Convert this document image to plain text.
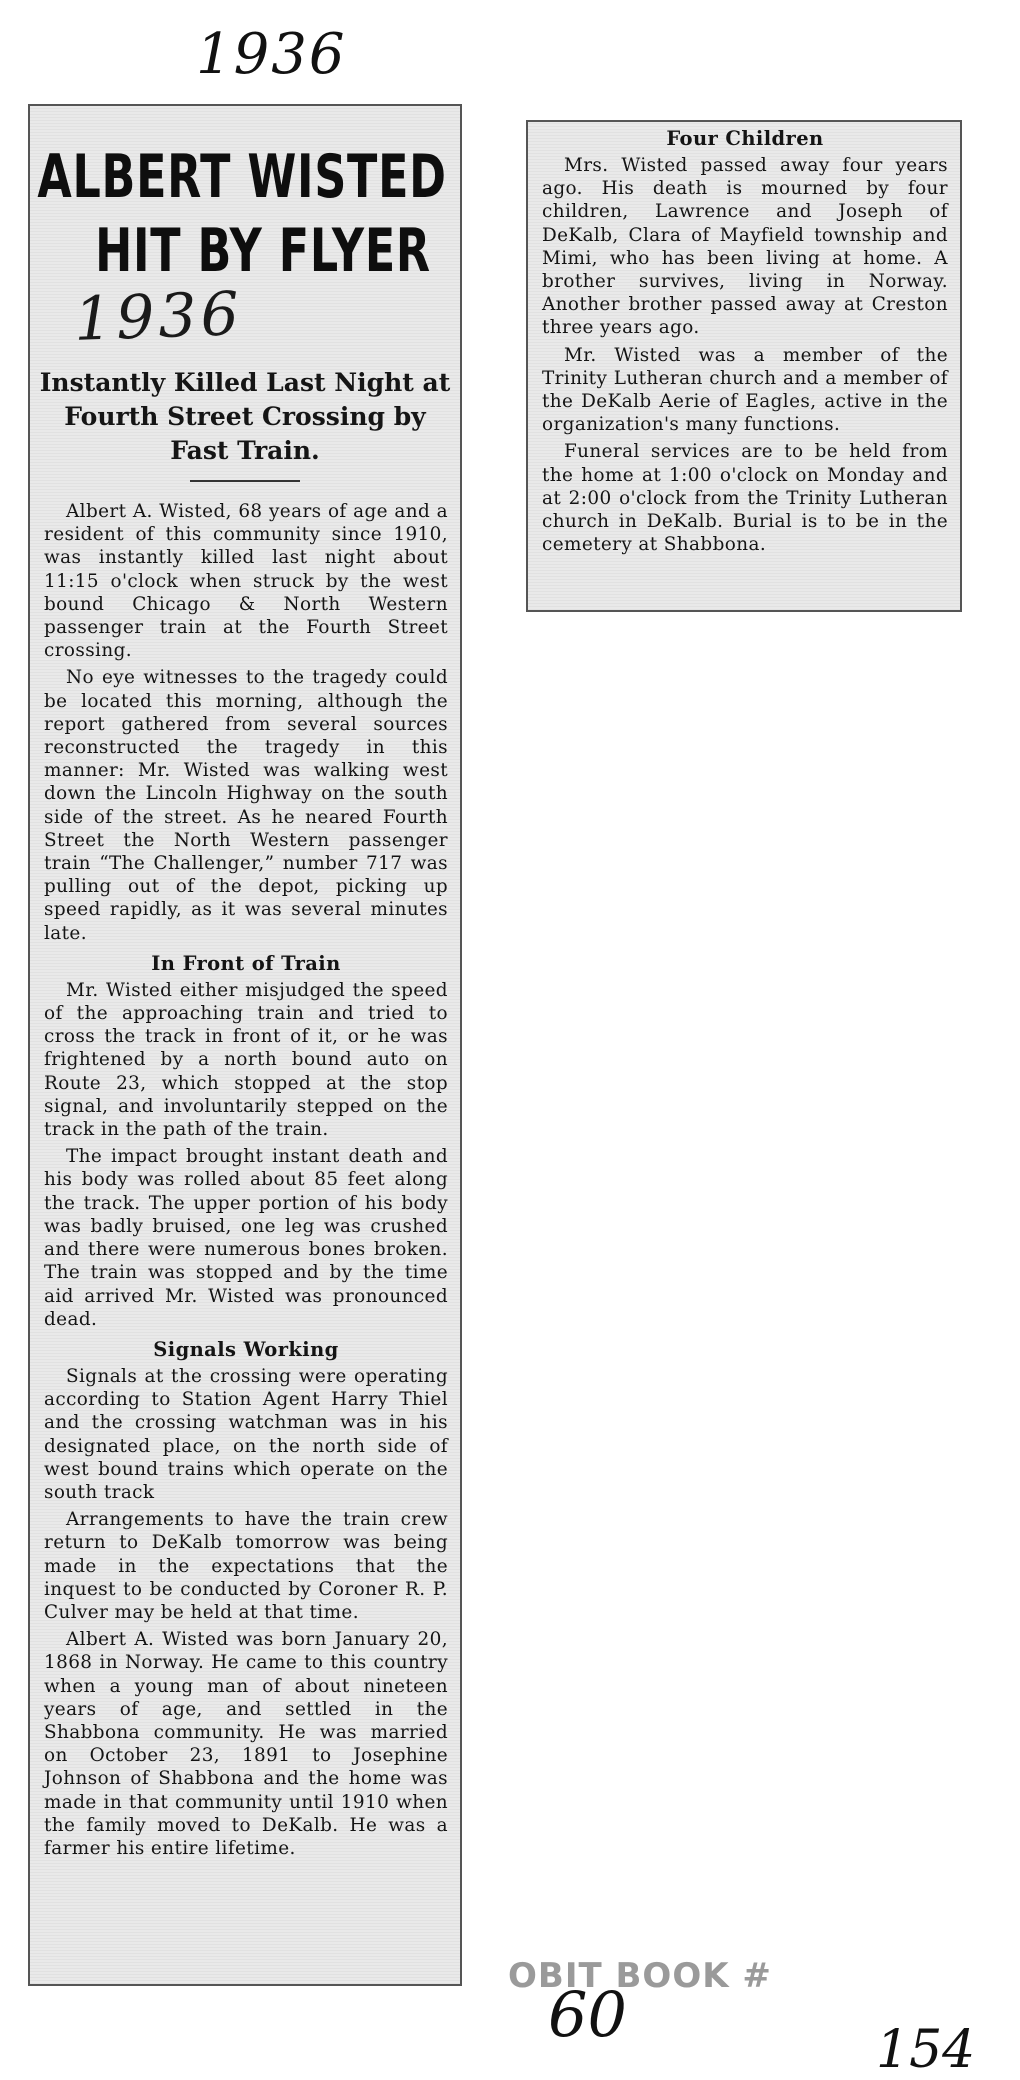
1936
ALBERT WISTED
HIT BY FLYER
Instantly Killed Last Night at Fourth Street Crossing by Fast Train.

Albert A. Wisted, 68 years of age and a resident of this community since 1910, was instantly killed last night about 11:15 o'clock when struck by the west bound Chicago & North Western passenger train at the Fourth Street crossing.

No eye witnesses to the tragedy could be located this morning, although the report gathered from several sources reconstructed the tragedy in this manner: Mr. Wisted was walking west down the Lincoln Highway on the south side of the street. As he neared Fourth Street the North Western passenger train “The Challenger,” number 717 was pulling out of the depot, picking up speed rapidly, as it was several minutes late.

In Front of Train

Mr. Wisted either misjudged the speed of the approaching train and tried to cross the track in front of it, or he was frightened by a north bound auto on Route 23, which stopped at the stop signal, and involuntarily stepped on the track in the path of the train.

The impact brought instant death and his body was rolled about 85 feet along the track. The upper portion of his body was badly bruised, one leg was crushed and there were numerous bones broken. The train was stopped and by the time aid arrived Mr. Wisted was pronounced dead.

Signals Working

Signals at the crossing were operating according to Station Agent Harry Thiel and the crossing watchman was in his designated place, on the north side of west bound trains which operate on the south track

Arrangements to have the train crew return to DeKalb tomorrow was being made in the expectations that the inquest to be conducted by Coroner R. P. Culver may be held at that time.

Albert A. Wisted was born January 20, 1868 in Norway. He came to this country when a young man of about nineteen years of age, and settled in the Shabbona community. He was married on October 23, 1891 to Josephine Johnson of Shabbona and the home was made in that community until 1910 when the family moved to DeKalb. He was a farmer his entire lifetime.

1936
Four Children

Mrs. Wisted passed away four years ago. His death is mourned by four children, Lawrence and Joseph of DeKalb, Clara of Mayfield township and Mimi, who has been living at home. A brother survives, living in Norway. Another brother passed away at Creston three years ago.

Mr. Wisted was a member of the Trinity Lutheran church and a member of the DeKalb Aerie of Eagles, active in the organization's many functions.

Funeral services are to be held from the home at 1:00 o'clock on Monday and at 2:00 o'clock from the Trinity Lutheran church in DeKalb. Burial is to be in the cemetery at Shabbona.

OBIT BOOK #
60	154
